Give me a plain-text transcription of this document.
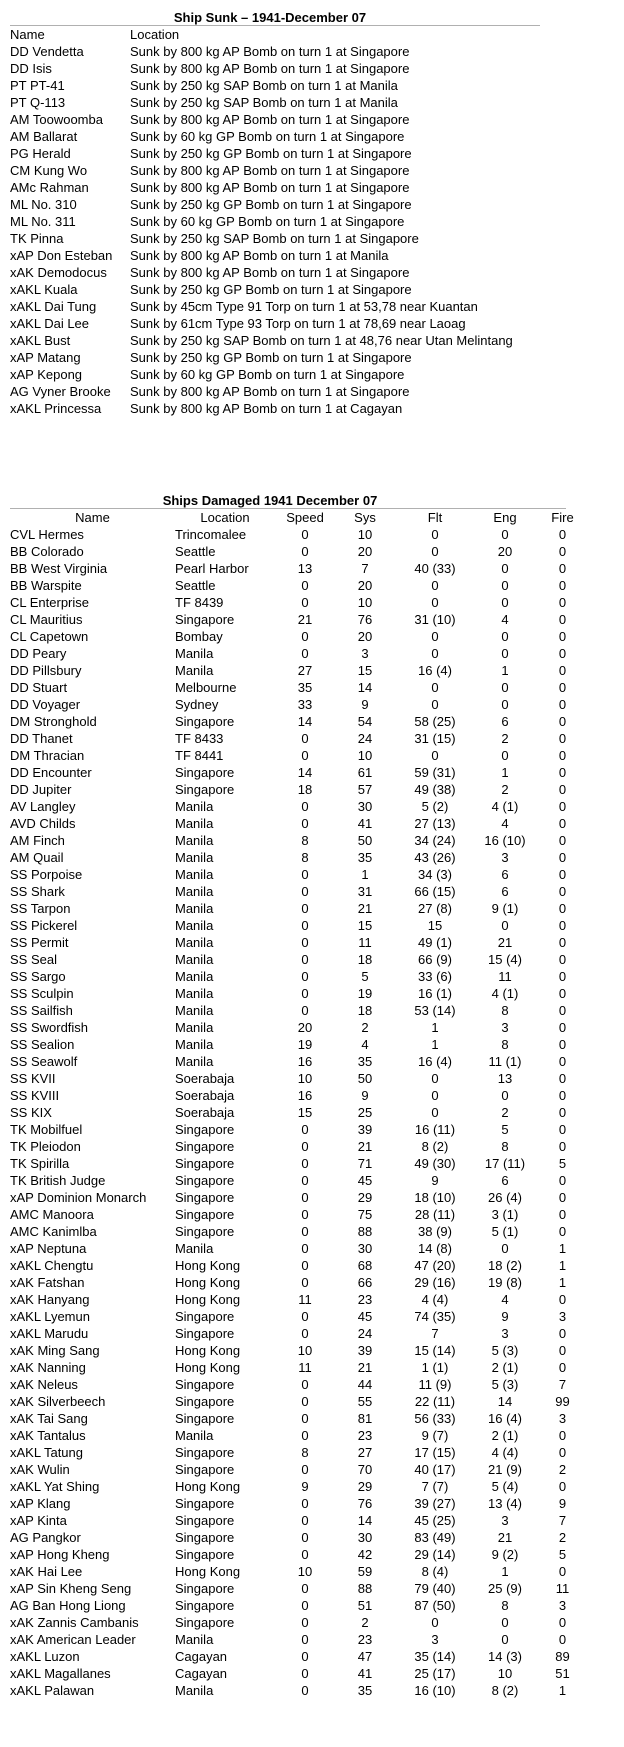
Ship Sunk – 1941-December 07
Name	Location
DD Vendetta	Sunk by 800 kg AP Bomb on turn 1 at Singapore
DD Isis	Sunk by 800 kg AP Bomb on turn 1 at Singapore
PT PT-41	Sunk by 250 kg SAP Bomb on turn 1 at Manila
PT Q-113	Sunk by 250 kg SAP Bomb on turn 1 at Manila
AM Toowoomba	Sunk by 800 kg AP Bomb on turn 1 at Singapore
AM Ballarat	Sunk by 60 kg GP Bomb on turn 1 at Singapore
PG Herald	Sunk by 250 kg GP Bomb on turn 1 at Singapore
CM Kung Wo	Sunk by 800 kg AP Bomb on turn 1 at Singapore
AMc Rahman	Sunk by 800 kg AP Bomb on turn 1 at Singapore
ML No. 310	Sunk by 250 kg GP Bomb on turn 1 at Singapore
ML No. 311	Sunk by 60 kg GP Bomb on turn 1 at Singapore
TK Pinna	Sunk by 250 kg SAP Bomb on turn 1 at Singapore
xAP Don Esteban	Sunk by 800 kg AP Bomb on turn 1 at Manila
xAK Demodocus	Sunk by 800 kg AP Bomb on turn 1 at Singapore
xAKL Kuala	Sunk by 250 kg GP Bomb on turn 1 at Singapore
xAKL Dai Tung	Sunk by 45cm Type 91 Torp on turn 1 at 53,78 near Kuantan
xAKL Dai Lee	Sunk by 61cm Type 93 Torp on turn 1 at 78,69 near Laoag
xAKL Bust	Sunk by 250 kg SAP Bomb on turn 1 at 48,76 near Utan Melintang
xAP Matang	Sunk by 250 kg GP Bomb on turn 1 at Singapore
xAP Kepong	Sunk by 60 kg GP Bomb on turn 1 at Singapore
AG Vyner Brooke	Sunk by 800 kg AP Bomb on turn 1 at Singapore
xAKL Princessa	Sunk by 800 kg AP Bomb on turn 1 at Cagayan
Ships Damaged 1941 December 07
Name	Location	Speed	Sys	Flt	Eng	Fire
CVL Hermes	Trincomalee	0	10	0	0	0
BB Colorado	Seattle	0	20	0	20	0
BB West Virginia	Pearl Harbor	13	7	40 (33)	0	0
BB Warspite	Seattle	0	20	0	0	0
CL Enterprise	TF 8439	0	10	0	0	0
CL Mauritius	Singapore	21	76	31 (10)	4	0
CL Capetown	Bombay	0	20	0	0	0
DD Peary	Manila	0	3	0	0	0
DD Pillsbury	Manila	27	15	16 (4)	1	0
DD Stuart	Melbourne	35	14	0	0	0
DD Voyager	Sydney	33	9	0	0	0
DM Stronghold	Singapore	14	54	58 (25)	6	0
DD Thanet	TF 8433	0	24	31 (15)	2	0
DM Thracian	TF 8441	0	10	0	0	0
DD Encounter	Singapore	14	61	59 (31)	1	0
DD Jupiter	Singapore	18	57	49 (38)	2	0
AV Langley	Manila	0	30	5 (2)	4 (1)	0
AVD Childs	Manila	0	41	27 (13)	4	0
AM Finch	Manila	8	50	34 (24)	16 (10)	0
AM Quail	Manila	8	35	43 (26)	3	0
SS Porpoise	Manila	0	1	34 (3)	6	0
SS Shark	Manila	0	31	66 (15)	6	0
SS Tarpon	Manila	0	21	27 (8)	9 (1)	0
SS Pickerel	Manila	0	15	15	0	0
SS Permit	Manila	0	11	49 (1)	21	0
SS Seal	Manila	0	18	66 (9)	15 (4)	0
SS Sargo	Manila	0	5	33 (6)	11	0
SS Sculpin	Manila	0	19	16 (1)	4 (1)	0
SS Sailfish	Manila	0	18	53 (14)	8	0
SS Swordfish	Manila	20	2	1	3	0
SS Sealion	Manila	19	4	1	8	0
SS Seawolf	Manila	16	35	16 (4)	11 (1)	0
SS KVII	Soerabaja	10	50	0	13	0
SS KVIII	Soerabaja	16	9	0	0	0
SS KIX	Soerabaja	15	25	0	2	0
TK Mobilfuel	Singapore	0	39	16 (11)	5	0
TK Pleiodon	Singapore	0	21	8 (2)	8	0
TK Spirilla	Singapore	0	71	49 (30)	17 (11)	5
TK British Judge	Singapore	0	45	9	6	0
xAP Dominion Monarch	Singapore	0	29	18 (10)	26 (4)	0
AMC Manoora	Singapore	0	75	28 (11)	3 (1)	0
AMC Kanimlba	Singapore	0	88	38 (9)	5 (1)	0
xAP Neptuna	Manila	0	30	14 (8)	0	1
xAKL Chengtu	Hong Kong	0	68	47 (20)	18 (2)	1
xAK Fatshan	Hong Kong	0	66	29 (16)	19 (8)	1
xAK Hanyang	Hong Kong	11	23	4 (4)	4	0
xAKL Lyemun	Singapore	0	45	74 (35)	9	3
xAKL Marudu	Singapore	0	24	7	3	0
xAK Ming Sang	Hong Kong	10	39	15 (14)	5 (3)	0
xAK Nanning	Hong Kong	11	21	1 (1)	2 (1)	0
xAK Neleus	Singapore	0	44	11 (9)	5 (3)	7
xAK Silverbeech	Singapore	0	55	22 (11)	14	99
xAK Tai Sang	Singapore	0	81	56 (33)	16 (4)	3
xAK Tantalus	Manila	0	23	9 (7)	2 (1)	0
xAKL Tatung	Singapore	8	27	17 (15)	4 (4)	0
xAK Wulin	Singapore	0	70	40 (17)	21 (9)	2
xAKL Yat Shing	Hong Kong	9	29	7 (7)	5 (4)	0
xAP Klang	Singapore	0	76	39 (27)	13 (4)	9
xAP Kinta	Singapore	0	14	45 (25)	3	7
AG Pangkor	Singapore	0	30	83 (49)	21	2
xAP Hong Kheng	Singapore	0	42	29 (14)	9 (2)	5
xAK Hai Lee	Hong Kong	10	59	8 (4)	1	0
xAP Sin Kheng Seng	Singapore	0	88	79 (40)	25 (9)	11
AG Ban Hong Liong	Singapore	0	51	87 (50)	8	3
xAK Zannis Cambanis	Singapore	0	2	0	0	0
xAK American Leader	Manila	0	23	3	0	0
xAKL Luzon	Cagayan	0	47	35 (14)	14 (3)	89
xAKL Magallanes	Cagayan	0	41	25 (17)	10	51
xAKL Palawan	Manila	0	35	16 (10)	8 (2)	1
